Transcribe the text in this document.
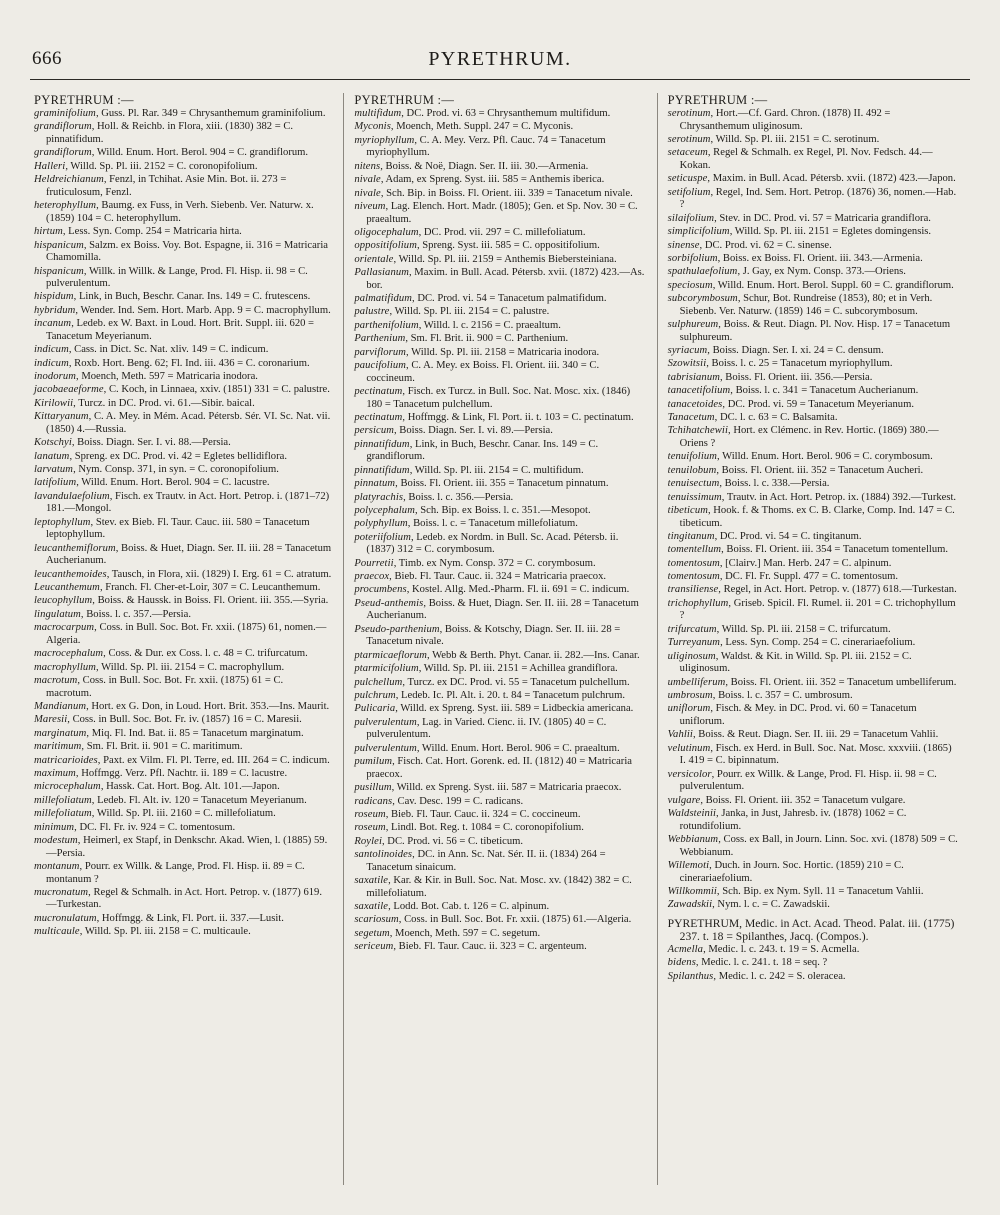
666	PYRETHRUM.
PYRETHRUM :—
graminifolium, Guss. Pl. Rar. 349 = Chrysanthemum graminifolium.
grandiflorum, Holl. & Reichb. in Flora, xiii. (1830) 382 = C. pinnatifidum.
grandiflorum, Willd. Enum. Hort. Berol. 904 = C. grandiflorum.
Halleri, Willd. Sp. Pl. iii. 2152 = C. coronopifolium.
Heldreichianum, Fenzl, in Tchihat. Asie Min. Bot. ii. 273 = fruticulosum, Fenzl.
heterophyllum, Baumg. ex Fuss, in Verh. Siebenb. Ver. Naturw. x. (1859) 104 = C. heterophyllum.
hirtum, Less. Syn. Comp. 254 = Matricaria hirta.
hispanicum, Salzm. ex Boiss. Voy. Bot. Espagne, ii. 316 = Matricaria Chamomilla.
hispanicum, Willk. in Willk. & Lange, Prod. Fl. Hisp. ii. 98 = C. pulverulentum.
hispidum, Link, in Buch, Beschr. Canar. Ins. 149 = C. frutescens.
hybridum, Wender. Ind. Sem. Hort. Marb. App. 9 = C. macrophyllum.
incanum, Ledeb. ex W. Baxt. in Loud. Hort. Brit. Suppl. iii. 620 = Tanacetum Meyerianum.
indicum, Cass. in Dict. Sc. Nat. xliv. 149 = C. indicum.
indicum, Roxb. Hort. Beng. 62; Fl. Ind. iii. 436 = C. coronarium.
inodorum, Moench, Meth. 597 = Matricaria inodora.
jacobaeaeforme, C. Koch, in Linnaea, xxiv. (1851) 331 = C. palustre.
Kirilowii, Turcz. in DC. Prod. vi. 61.—Sibir. baical.
Kittaryanum, C. A. Mey. in Mém. Acad. Pétersb. Sér. VI. Sc. Nat. vii. (1850) 4.—Russia.
Kotschyi, Boiss. Diagn. Ser. I. vi. 88.—Persia.
lanatum, Spreng. ex DC. Prod. vi. 42 = Egletes bellidiflora.
larvatum, Nym. Consp. 371, in syn. = C. coronopifolium.
latifolium, Willd. Enum. Hort. Berol. 904 = C. lacustre.
lavandulaefolium, Fisch. ex Trautv. in Act. Hort. Petrop. i. (1871–72) 181.—Mongol.
leptophyllum, Stev. ex Bieb. Fl. Taur. Cauc. iii. 580 = Tanacetum leptophyllum.
leucanthemiflorum, Boiss. & Huet, Diagn. Ser. II. iii. 28 = Tanacetum Aucherianum.
leucanthemoides, Tausch, in Flora, xii. (1829) I. Erg. 61 = C. atratum.
Leucanthemum, Franch. Fl. Cher-et-Loir, 307 = C. Leucanthemum.
leucophyllum, Boiss. & Haussk. in Boiss. Fl. Orient. iii. 355.—Syria.
lingulatum, Boiss. l. c. 357.—Persia.
macrocarpum, Coss. in Bull. Soc. Bot. Fr. xxii. (1875) 61, nomen.—Algeria.
macrocephalum, Coss. & Dur. ex Coss. l. c. 48 = C. trifurcatum.
macrophyllum, Willd. Sp. Pl. iii. 2154 = C. macrophyllum.
macrotum, Coss. in Bull. Soc. Bot. Fr. xxii. (1875) 61 = C. macrotum.
Mandianum, Hort. ex G. Don, in Loud. Hort. Brit. 353.—Ins. Maurit.
Maresii, Coss. in Bull. Soc. Bot. Fr. iv. (1857) 16 = C. Maresii.
marginatum, Miq. Fl. Ind. Bat. ii. 85 = Tanacetum marginatum.
maritimum, Sm. Fl. Brit. ii. 901 = C. maritimum.
matricarioides, Paxt. ex Vilm. Fl. Pl. Terre, ed. III. 264 = C. indicum.
maximum, Hoffmgg. Verz. Pfl. Nachtr. ii. 189 = C. lacustre.
microcephalum, Hassk. Cat. Hort. Bog. Alt. 101.—Japon.
millefoliatum, Ledeb. Fl. Alt. iv. 120 = Tanacetum Meyerianum.
millefoliatum, Willd. Sp. Pl. iii. 2160 = C. millefoliatum.
minimum, DC. Fl. Fr. iv. 924 = C. tomentosum.
modestum, Heimerl, ex Stapf, in Denkschr. Akad. Wien, l. (1885) 59.—Persia.
montanum, Pourr. ex Willk. & Lange, Prod. Fl. Hisp. ii. 89 = C. montanum ?
mucronatum, Regel & Schmalh. in Act. Hort. Petrop. v. (1877) 619.—Turkestan.
mucronulatum, Hoffmgg. & Link, Fl. Port. ii. 337.—Lusit.
multicaule, Willd. Sp. Pl. iii. 2158 = C. multicaule.
PYRETHRUM :—
multifidum, DC. Prod. vi. 63 = Chrysanthemum multifidum.
Myconis, Moench, Meth. Suppl. 247 = C. Myconis.
myriophyllum, C. A. Mey. Verz. Pfl. Cauc. 74 = Tanacetum myriophyllum.
nitens, Boiss. & Noë, Diagn. Ser. II. iii. 30.—Armenia.
nivale, Adam, ex Spreng. Syst. iii. 585 = Anthemis iberica.
nivale, Sch. Bip. in Boiss. Fl. Orient. iii. 339 = Tanacetum nivale.
niveum, Lag. Elench. Hort. Madr. (1805); Gen. et Sp. Nov. 30 = C. praealtum.
oligocephalum, DC. Prod. vii. 297 = C. millefoliatum.
oppositifolium, Spreng. Syst. iii. 585 = C. oppositifolium.
orientale, Willd. Sp. Pl. iii. 2159 = Anthemis Biebersteiniana.
Pallasianum, Maxim. in Bull. Acad. Pétersb. xvii. (1872) 423.—As. bor.
palmatifidum, DC. Prod. vi. 54 = Tanacetum palmatifidum.
palustre, Willd. Sp. Pl. iii. 2154 = C. palustre.
parthenifolium, Willd. l. c. 2156 = C. praealtum.
Parthenium, Sm. Fl. Brit. ii. 900 = C. Parthenium.
parviflorum, Willd. Sp. Pl. iii. 2158 = Matricaria inodora.
paucifolium, C. A. Mey. ex Boiss. Fl. Orient. iii. 340 = C. coccineum.
pectinatum, Fisch. ex Turcz. in Bull. Soc. Nat. Mosc. xix. (1846) 180 = Tanacetum pulchellum.
pectinatum, Hoffmgg. & Link, Fl. Port. ii. t. 103 = C. pectinatum.
persicum, Boiss. Diagn. Ser. I. vi. 89.—Persia.
pinnatifidum, Link, in Buch, Beschr. Canar. Ins. 149 = C. grandiflorum.
pinnatifidum, Willd. Sp. Pl. iii. 2154 = C. multifidum.
pinnatum, Boiss. Fl. Orient. iii. 355 = Tanacetum pinnatum.
platyrachis, Boiss. l. c. 356.—Persia.
polycephalum, Sch. Bip. ex Boiss. l. c. 351.—Mesopot.
polyphyllum, Boiss. l. c. = Tanacetum millefoliatum.
poteriifolium, Ledeb. ex Nordm. in Bull. Sc. Acad. Pétersb. ii. (1837) 312 = C. corymbosum.
Pourretii, Timb. ex Nym. Consp. 372 = C. corymbosum.
praecox, Bieb. Fl. Taur. Cauc. ii. 324 = Matricaria praecox.
procumbens, Kostel. Allg. Med.-Pharm. Fl. ii. 691 = C. indicum.
Pseud-anthemis, Boiss. & Huet, Diagn. Ser. II. iii. 28 = Tanacetum Aucherianum.
Pseudo-parthenium, Boiss. & Kotschy, Diagn. Ser. II. iii. 28 = Tanacetum nivale.
ptarmicaeflorum, Webb & Berth. Phyt. Canar. ii. 282.—Ins. Canar.
ptarmicifolium, Willd. Sp. Pl. iii. 2151 = Achillea grandiflora.
pulchellum, Turcz. ex DC. Prod. vi. 55 = Tanacetum pulchellum.
pulchrum, Ledeb. Ic. Pl. Alt. i. 20. t. 84 = Tanacetum pulchrum.
Pulicaria, Willd. ex Spreng. Syst. iii. 589 = Lidbeckia americana.
pulverulentum, Lag. in Varied. Cienc. ii. IV. (1805) 40 = C. pulverulentum.
pulverulentum, Willd. Enum. Hort. Berol. 906 = C. praealtum.
pumilum, Fisch. Cat. Hort. Gorenk. ed. II. (1812) 40 = Matricaria praecox.
pusillum, Willd. ex Spreng. Syst. iii. 587 = Matricaria praecox.
radicans, Cav. Desc. 199 = C. radicans.
roseum, Bieb. Fl. Taur. Cauc. ii. 324 = C. coccineum.
roseum, Lindl. Bot. Reg. t. 1084 = C. coronopifolium.
Roylei, DC. Prod. vi. 56 = C. tibeticum.
santolinoides, DC. in Ann. Sc. Nat. Sér. II. ii. (1834) 264 = Tanacetum sinaicum.
saxatile, Kar. & Kir. in Bull. Soc. Nat. Mosc. xv. (1842) 382 = C. millefoliatum.
saxatile, Lodd. Bot. Cab. t. 126 = C. alpinum.
scariosum, Coss. in Bull. Soc. Bot. Fr. xxii. (1875) 61.—Algeria.
segetum, Moench, Meth. 597 = C. segetum.
sericeum, Bieb. Fl. Taur. Cauc. ii. 323 = C. argenteum.
PYRETHRUM :—
serotinum, Hort.—Cf. Gard. Chron. (1878) II. 492 = Chrysanthemum uliginosum.
serotinum, Willd. Sp. Pl. iii. 2151 = C. serotinum.
setaceum, Regel & Schmalh. ex Regel, Pl. Nov. Fedsch. 44.—Kokan.
seticuspe, Maxim. in Bull. Acad. Pétersb. xvii. (1872) 423.—Japon.
setifolium, Regel, Ind. Sem. Hort. Petrop. (1876) 36, nomen.—Hab. ?
silaifolium, Stev. in DC. Prod. vi. 57 = Matricaria grandiflora.
simplicifolium, Willd. Sp. Pl. iii. 2151 = Egletes domingensis.
sinense, DC. Prod. vi. 62 = C. sinense.
sorbifolium, Boiss. ex Boiss. Fl. Orient. iii. 343.—Armenia.
spathulaefolium, J. Gay, ex Nym. Consp. 373.—Oriens.
speciosum, Willd. Enum. Hort. Berol. Suppl. 60 = C. grandiflorum.
subcorymbosum, Schur, Bot. Rundreise (1853), 80; et in Verh. Siebenb. Ver. Naturw. (1859) 146 = C. subcorymbosum.
sulphureum, Boiss. & Reut. Diagn. Pl. Nov. Hisp. 17 = Tanacetum sulphureum.
syriacum, Boiss. Diagn. Ser. I. xi. 24 = C. densum.
Szowitsii, Boiss. l. c. 25 = Tanacetum myriophyllum.
tabrisianum, Boiss. Fl. Orient. iii. 356.—Persia.
tanacetifolium, Boiss. l. c. 341 = Tanacetum Aucherianum.
tanacetoides, DC. Prod. vi. 59 = Tanacetum Meyerianum.
Tanacetum, DC. l. c. 63 = C. Balsamita.
Tchihatchewii, Hort. ex Clémenc. in Rev. Hortic. (1869) 380.—Oriens ?
tenuifolium, Willd. Enum. Hort. Berol. 906 = C. corymbosum.
tenuilobum, Boiss. Fl. Orient. iii. 352 = Tanacetum Aucheri.
tenuisectum, Boiss. l. c. 338.—Persia.
tenuissimum, Trautv. in Act. Hort. Petrop. ix. (1884) 392.—Turkest.
tibeticum, Hook. f. & Thoms. ex C. B. Clarke, Comp. Ind. 147 = C. tibeticum.
tingitanum, DC. Prod. vi. 54 = C. tingitanum.
tomentellum, Boiss. Fl. Orient. iii. 354 = Tanacetum tomentellum.
tomentosum, [Clairv.] Man. Herb. 247 = C. alpinum.
tomentosum, DC. Fl. Fr. Suppl. 477 = C. tomentosum.
transiliense, Regel, in Act. Hort. Petrop. v. (1877) 618.—Turkestan.
trichophyllum, Griseb. Spicil. Fl. Rumel. ii. 201 = C. trichophyllum ?
trifurcatum, Willd. Sp. Pl. iii. 2158 = C. trifurcatum.
Turreyanum, Less. Syn. Comp. 254 = C. cinerariaefolium.
uliginosum, Waldst. & Kit. in Willd. Sp. Pl. iii. 2152 = C. uliginosum.
umbelliferum, Boiss. Fl. Orient. iii. 352 = Tanacetum umbelliferum.
umbrosum, Boiss. l. c. 357 = C. umbrosum.
uniflorum, Fisch. & Mey. in DC. Prod. vi. 60 = Tanacetum uniflorum.
Vahlii, Boiss. & Reut. Diagn. Ser. II. iii. 29 = Tanacetum Vahlii.
velutinum, Fisch. ex Herd. in Bull. Soc. Nat. Mosc. xxxviii. (1865) I. 419 = C. bipinnatum.
versicolor, Pourr. ex Willk. & Lange, Prod. Fl. Hisp. ii. 98 = C. pulverulentum.
vulgare, Boiss. Fl. Orient. iii. 352 = Tanacetum vulgare.
Waldsteinii, Janka, in Just, Jahresb. iv. (1878) 1062 = C. rotundifolium.
Webbianum, Coss. ex Ball, in Journ. Linn. Soc. xvi. (1878) 509 = C. Webbianum.
Willemoti, Duch. in Journ. Soc. Hortic. (1859) 210 = C. cinerariaefolium.
Willkommii, Sch. Bip. ex Nym. Syll. 11 = Tanacetum Vahlii.
Zawadskii, Nym. l. c. = C. Zawadskii.
PYRETHRUM, Medic. in Act. Acad. Theod. Palat. iii. (1775) 237. t. 18 = Spilanthes, Jacq. (Compos.).
Acmella, Medic. l. c. 243. t. 19 = S. Acmella.
bidens, Medic. l. c. 241. t. 18 = seq. ?
Spilanthus, Medic. l. c. 242 = S. oleracea.
